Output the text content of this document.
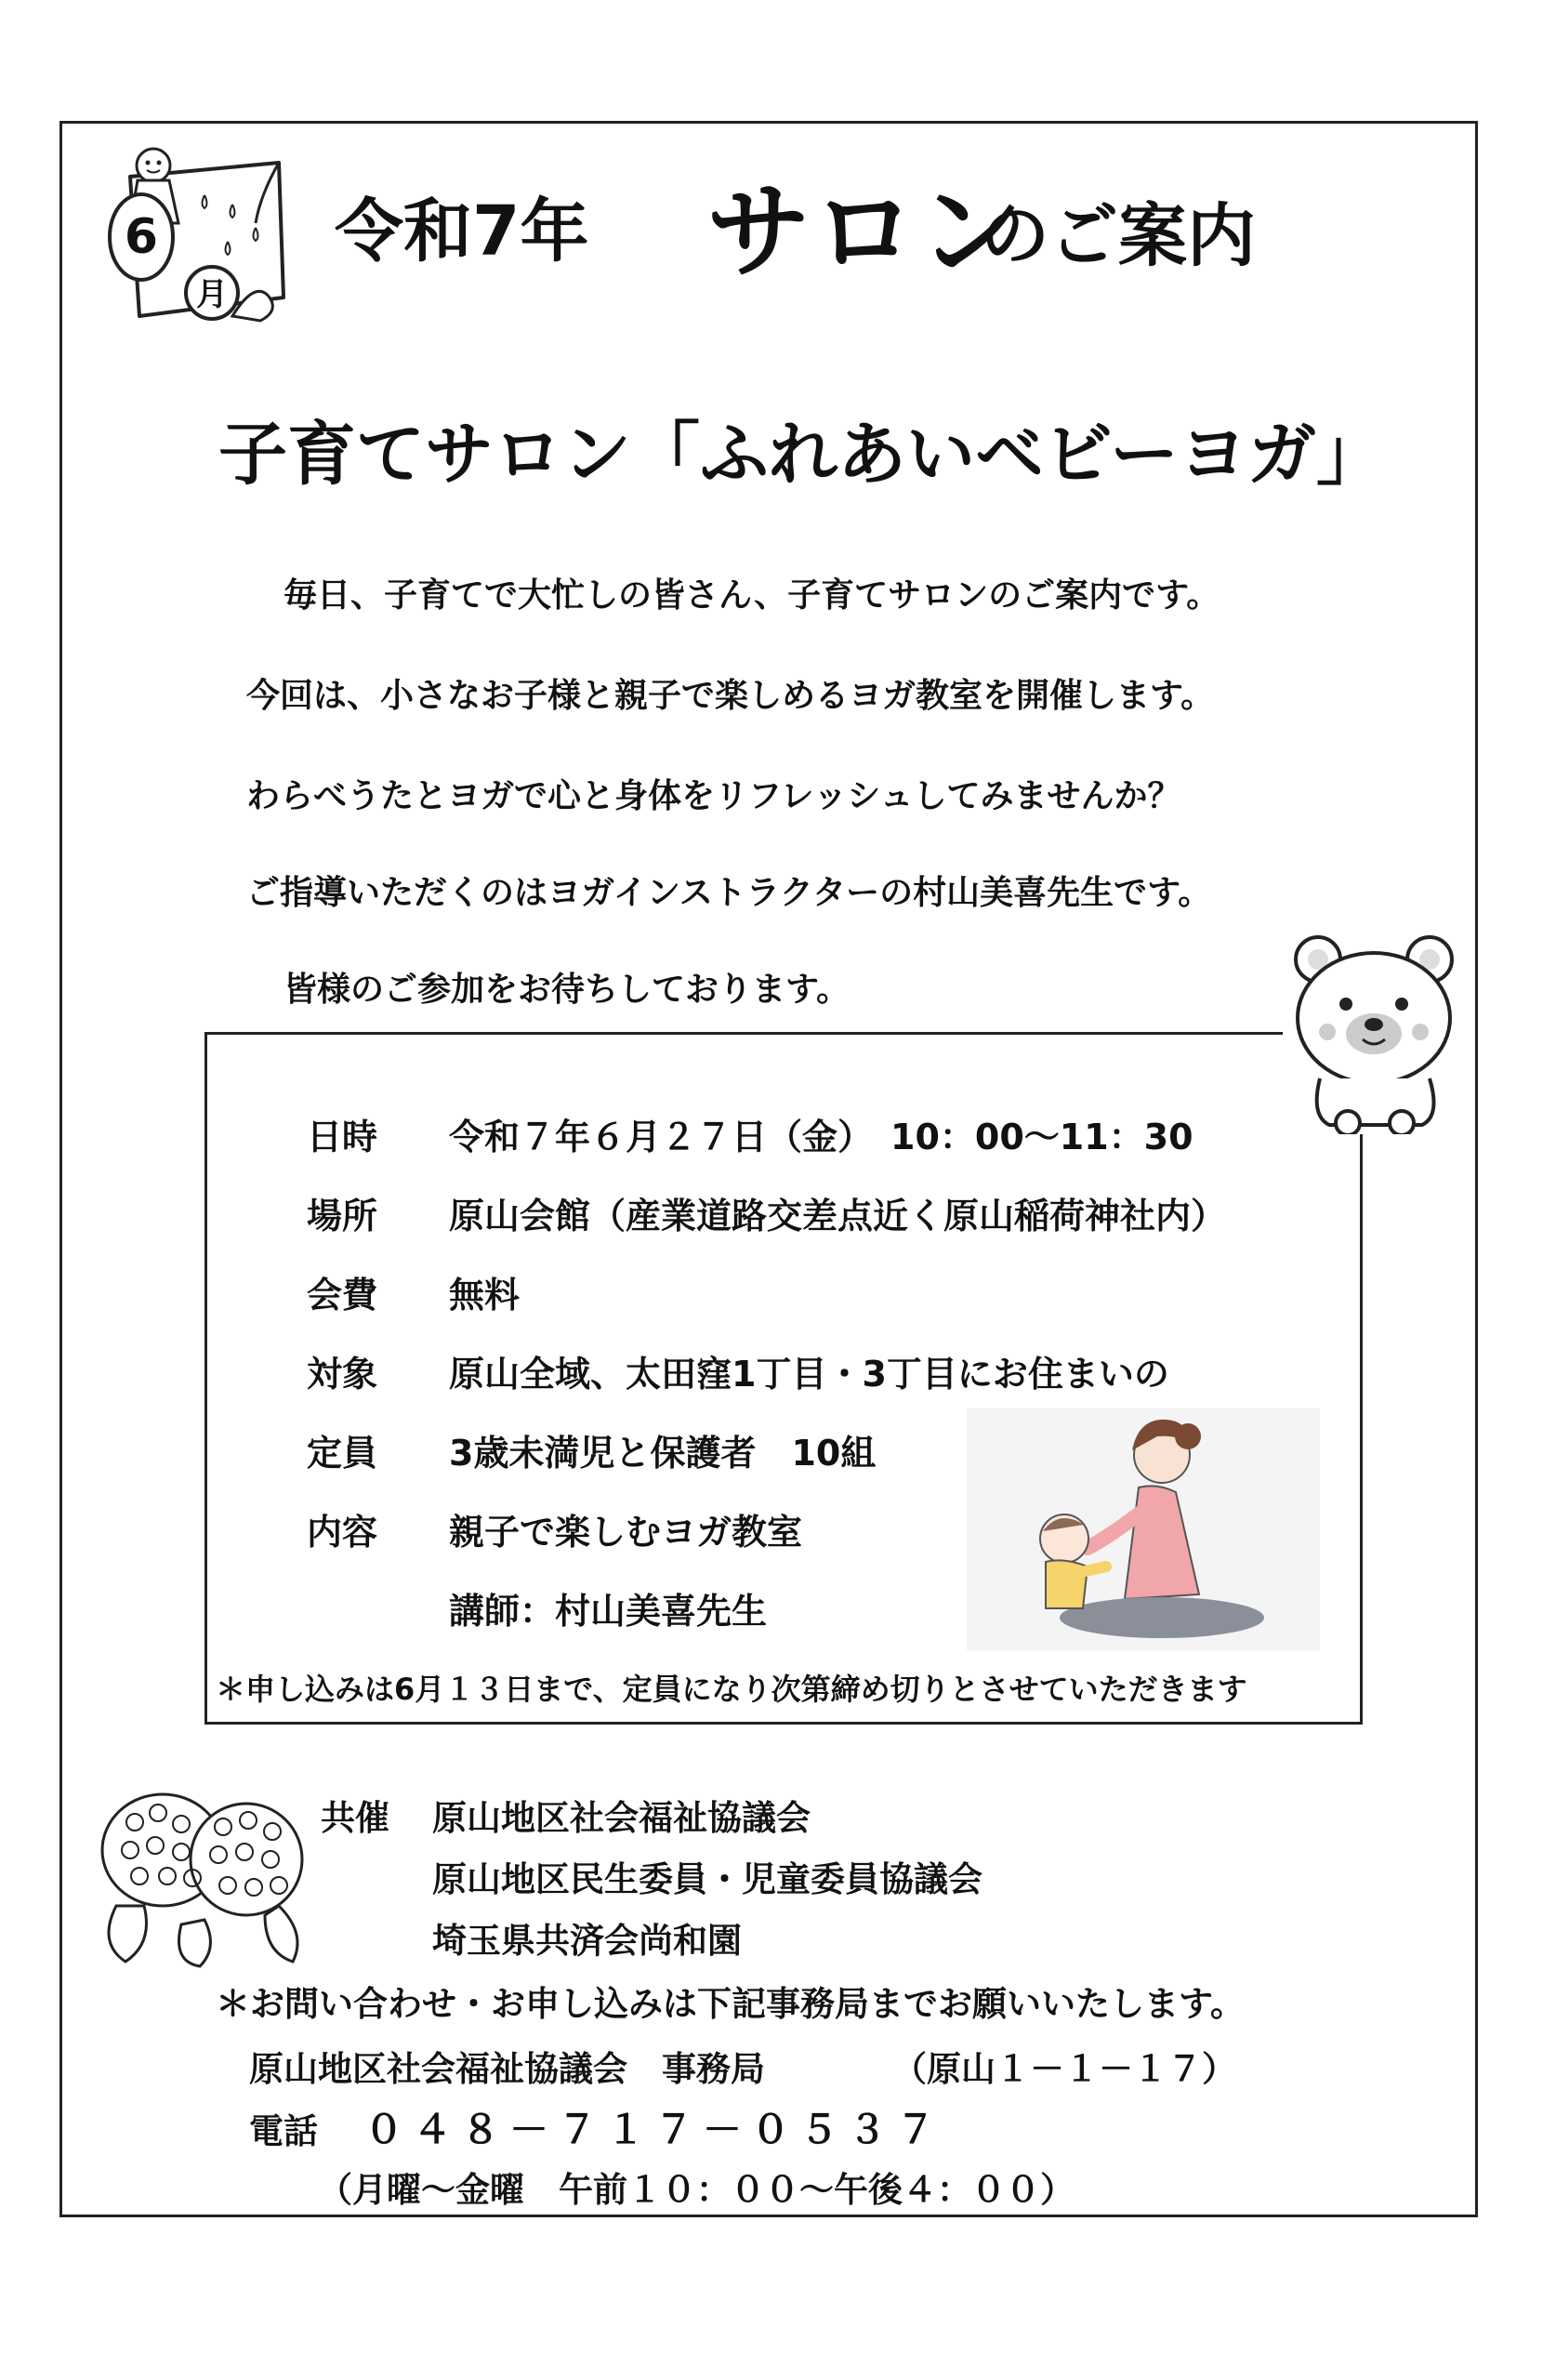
6
月
令和7年 サロン
のご案内
子育てサロン「ふれあいベビーヨガ」
毎日、子育てで大忙しの皆さん、子育てサロンのご案内です。
今回は、小さなお子様と親子で楽しめるヨガ教室を開催します。
わらべうたとヨガで心と身体をリフレッシュしてみませんか？
ご指導いただくのはヨガインストラクターの村山美喜先生です。
皆様のご参加をお待ちしております。
日時 令和７年６月２７日（金）　10：00～11：30
場所 原山会館（産業道路交差点近く原山稲荷神社内）
会費 無料
対象 原山全域、太田窪1丁目・3丁目にお住まいの
定員 3歳未満児と保護者　10組
内容 親子で楽しむヨガ教室
講師：村山美喜先生
＊申し込みは6月１３日まで、定員になり次第締め切りとさせていただきます
共催 原山地区社会福祉協議会
原山地区民生委員・児童委員協議会
埼玉県共済会尚和園
＊お問い合わせ・お申し込みは下記事務局までお願いいたします。
原山地区社会福祉協議会　事務局	（原山１－１－１７）
電話 ０４８－７１７－０５３７
（月曜～金曜　午前１０：００～午後４：００）
